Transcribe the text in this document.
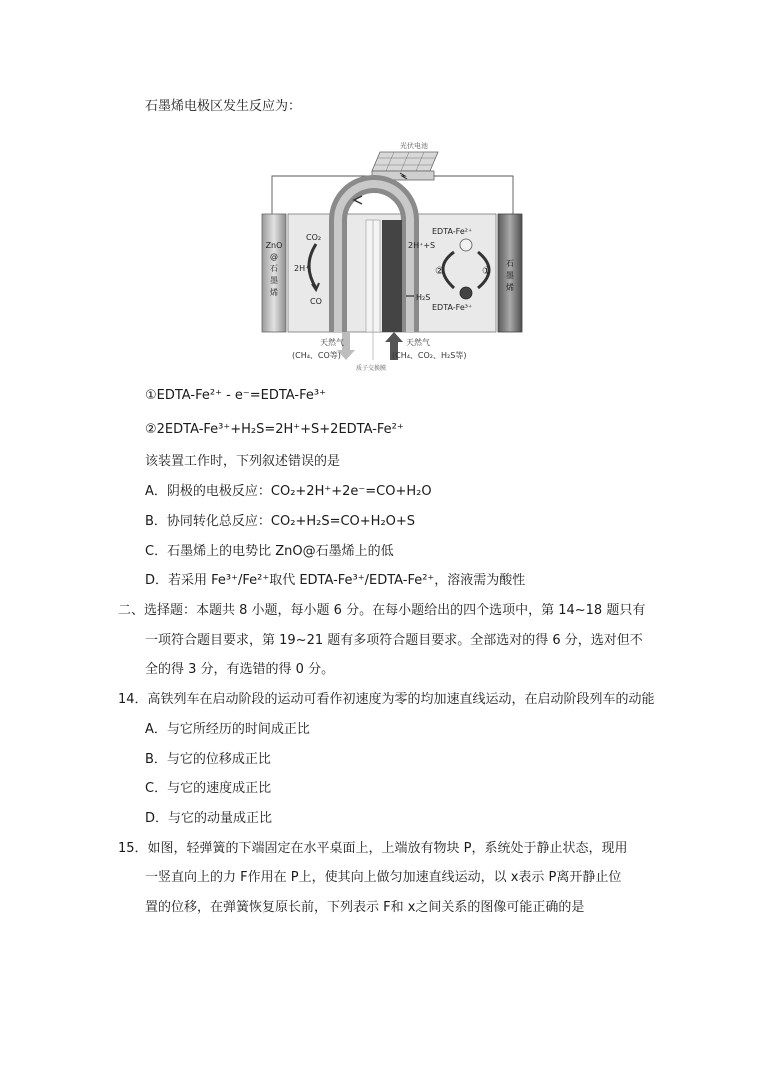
石墨烯电极区发生反应为：
光伏电池
ZnO
@
石
墨
烯
石
墨
烯
CO₂
2H⁺
CO
EDTA-Fe²⁺
2H⁺+S
EDTA-Fe³⁺
②	①
H₂S
天然气
(CH₄、CO等)
天然气
(CH₄、CO₂、H₂S等)
质子交换膜
①EDTA-Fe²⁺ - e⁻=EDTA-Fe³⁺
②2EDTA-Fe³⁺+H₂S=2H⁺+S+2EDTA-Fe²⁺
该装置工作时，下列叙述错误的是
A．阴极的电极反应：CO₂+2H⁺+2e⁻=CO+H₂O
B．协同转化总反应：CO₂+H₂S=CO+H₂O+S
C．石墨烯上的电势比 ZnO@石墨烯上的低
D．若采用 Fe³⁺/Fe²⁺取代 EDTA-Fe³⁺/EDTA-Fe²⁺，溶液需为酸性
二、选择题：本题共 8 小题，每小题 6 分。在每小题给出的四个选项中，第 14~18 题只有
一项符合题目要求，第 19~21 题有多项符合题目要求。全部选对的得 6 分，选对但不
全的得 3 分，有选错的得 0 分。
14．高铁列车在启动阶段的运动可看作初速度为零的均加速直线运动，在启动阶段列车的动能
A．与它所经历的时间成正比
B．与它的位移成正比
C．与它的速度成正比
D．与它的动量成正比
15．如图，轻弹簧的下端固定在水平桌面上，上端放有物块 P，系统处于静止状态，现用
一竖直向上的力 F作用在 P上，使其向上做匀加速直线运动，以 x表示 P离开静止位
置的位移，在弹簧恢复原长前，下列表示 F和 x之间关系的图像可能正确的是
